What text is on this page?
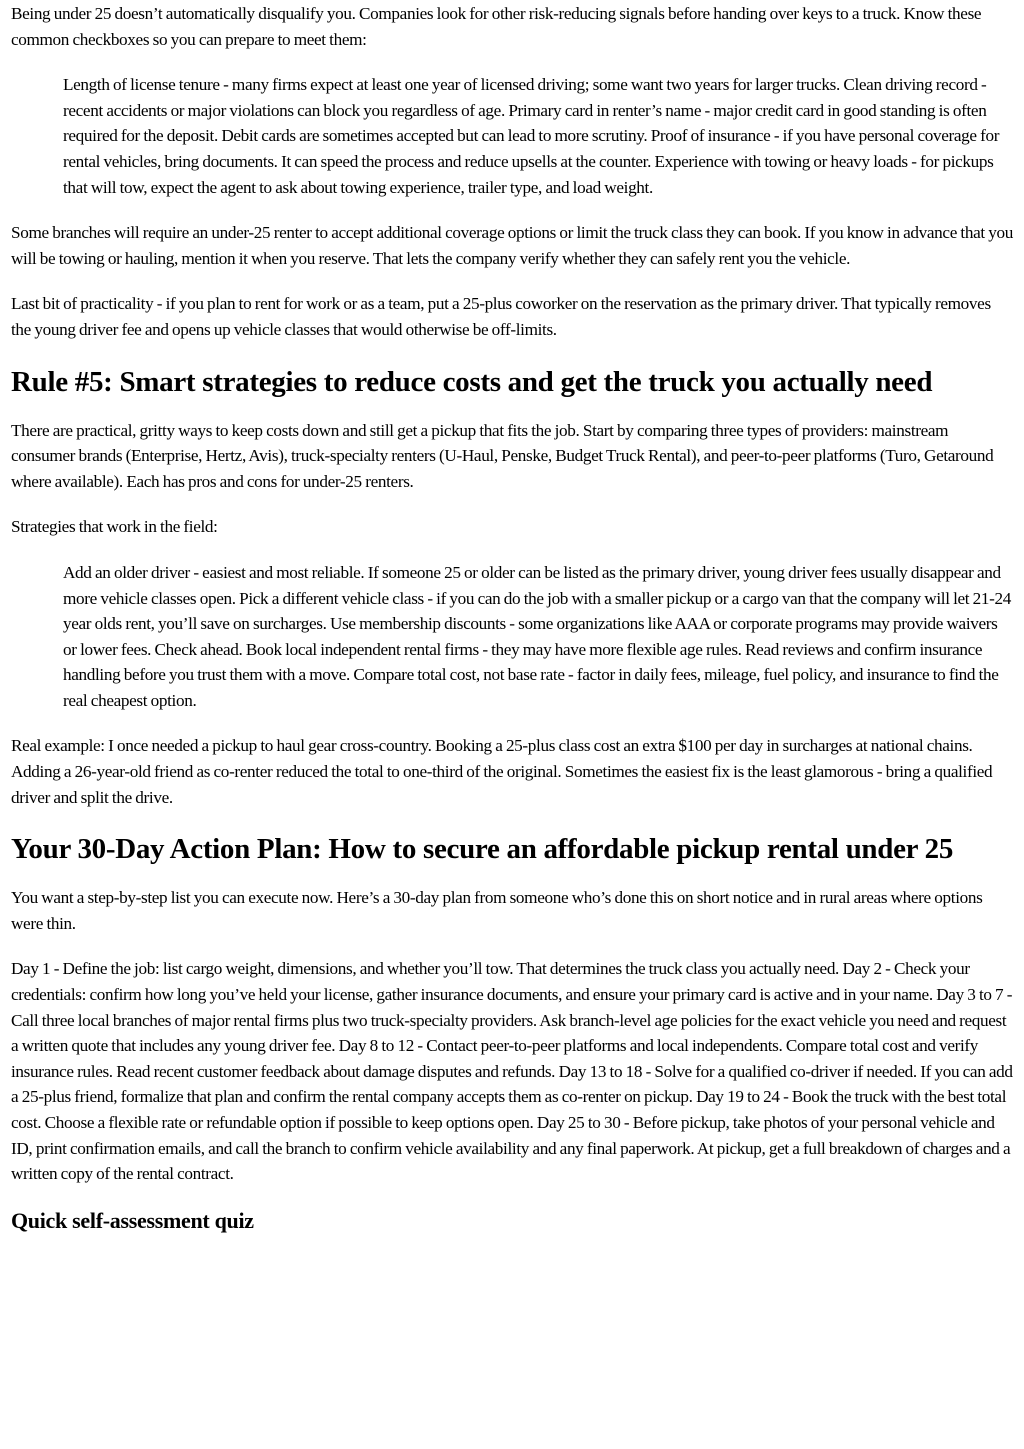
Being under 25 doesn’t automatically disqualify you. Companies look for other risk-reducing signals before handing over keys to a truck. Know these common checkboxes so you can prepare to meet them:

Length of license tenure - many firms expect at least one year of licensed driving; some want two years for larger trucks. Clean driving record - recent accidents or major violations can block you regardless of age. Primary card in renter’s name - major credit card in good standing is often required for the deposit. Debit cards are sometimes accepted but can lead to more scrutiny. Proof of insurance - if you have personal coverage for rental vehicles, bring documents. It can speed the process and reduce upsells at the counter. Experience with towing or heavy loads - for pickups that will tow, expect the agent to ask about towing experience, trailer type, and load weight.

Some branches will require an under-25 renter to accept additional coverage options or limit the truck class they can book. If you know in advance that you will be towing or hauling, mention it when you reserve. That lets the company verify whether they can safely rent you the vehicle.

Last bit of practicality - if you plan to rent for work or as a team, put a 25-plus coworker on the reservation as the primary driver. That typically removes the young driver fee and opens up vehicle classes that would otherwise be off-limits.

Rule #5: Smart strategies to reduce costs and get the truck you actually need

There are practical, gritty ways to keep costs down and still get a pickup that fits the job. Start by comparing three types of providers: mainstream consumer brands (Enterprise, Hertz, Avis), truck-specialty renters (U-Haul, Penske, Budget Truck Rental), and peer-to-peer platforms (Turo, Getaround where available). Each has pros and cons for under-25 renters.

Strategies that work in the field:

Add an older driver - easiest and most reliable. If someone 25 or older can be listed as the primary driver, young driver fees usually disappear and more vehicle classes open. Pick a different vehicle class - if you can do the job with a smaller pickup or a cargo van that the company will let 21-24 year olds rent, you’ll save on surcharges. Use membership discounts - some organizations like AAA or corporate programs may provide waivers or lower fees. Check ahead. Book local independent rental firms - they may have more flexible age rules. Read reviews and confirm insurance handling before you trust them with a move. Compare total cost, not base rate - factor in daily fees, mileage, fuel policy, and insurance to find the real cheapest option.

Real example: I once needed a pickup to haul gear cross-country. Booking a 25-plus class cost an extra $100 per day in surcharges at national chains. Adding a 26-year-old friend as co-renter reduced the total to one-third of the original. Sometimes the easiest fix is the least glamorous - bring a qualified driver and split the drive.

Your 30-Day Action Plan: How to secure an affordable pickup rental under 25

You want a step-by-step list you can execute now. Here’s a 30-day plan from someone who’s done this on short notice and in rural areas where options were thin.

Day 1 - Define the job: list cargo weight, dimensions, and whether you’ll tow. That determines the truck class you actually need. Day 2 - Check your credentials: confirm how long you’ve held your license, gather insurance documents, and ensure your primary card is active and in your name. Day 3 to 7 - Call three local branches of major rental firms plus two truck-specialty providers. Ask branch-level age policies for the exact vehicle you need and request a written quote that includes any young driver fee. Day 8 to 12 - Contact peer-to-peer platforms and local independents. Compare total cost and verify insurance rules. Read recent customer feedback about damage disputes and refunds. Day 13 to 18 - Solve for a qualified co-driver if needed. If you can add a 25-plus friend, formalize that plan and confirm the rental company accepts them as co-renter on pickup. Day 19 to 24 - Book the truck with the best total cost. Choose a flexible rate or refundable option if possible to keep options open. Day 25 to 30 - Before pickup, take photos of your personal vehicle and ID, print confirmation emails, and call the branch to confirm vehicle availability and any final paperwork. At pickup, get a full breakdown of charges and a written copy of the rental contract.

Quick self-assessment quiz
